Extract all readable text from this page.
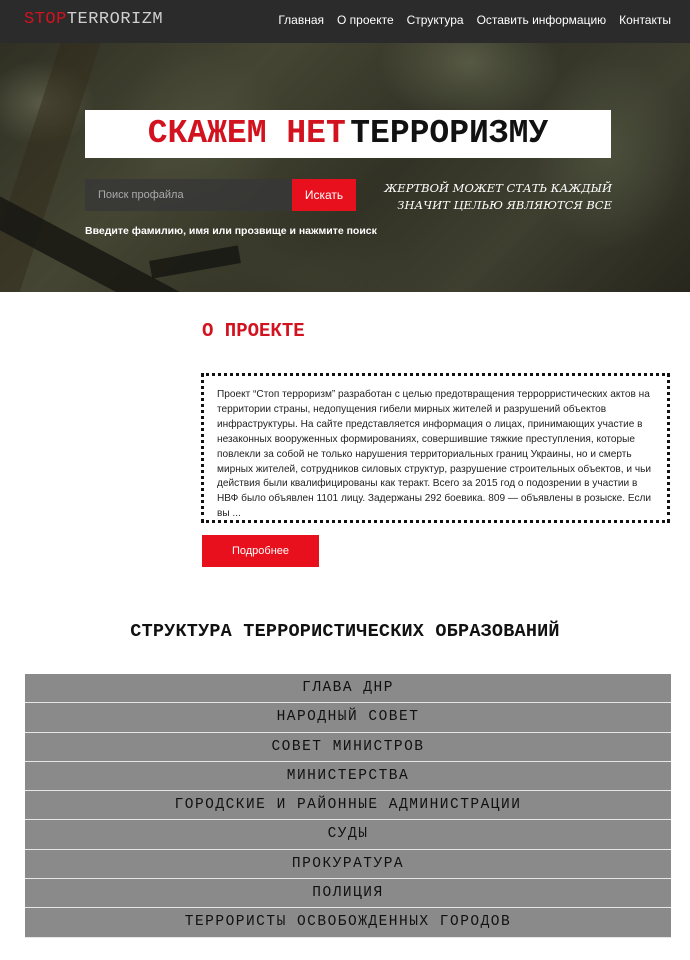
STOPTERRORIZM	Главная О проекте Структура Оставить информацию Контакты
СКАЖЕМ НЕТ ТЕРРОРИЗМУ
Поиск профайла
Искать
Введите фамилию, имя или прозвище и нажмите поиск
ЖЕРТВОЙ МОЖЕТ СТАТЬ КАЖДЫЙ
ЗНАЧИТ ЦЕЛЬЮ ЯВЛЯЮТСЯ ВСЕ
О ПРОЕКТЕ

Проект “Стоп терроризм” разработан с целью предотвращения террорристических актов на территории страны, недопущения гибели мирных жителей и разрушений объектов инфраструктуры. На сайте представляется информация о лицах, принимающих участие в незаконных вооруженных формированиях, совершившие тяжкие преступления, которые повлекли за собой не только нарушения территориальных границ Украины, но и смерть мирных жителей, сотрудников силовых структур, разрушение строительных объектов, и чьи действия были квалифицированы как теракт. Всего за 2015 год о подозрении в участии в НВФ было объявлен 1101 лицу. Задержаны 292 боевика. 809 — объявлены в розыске. Если вы ...

Подробнее
СТРУКТУРА ТЕРРОРИСТИЧЕСКИХ ОБРАЗОВАНИЙ
ГЛАВА ДНР
НАРОДНЫЙ СОВЕТ
СОВЕТ МИНИСТРОВ
МИНИСТЕРСТВА
ГОРОДСКИЕ И РАЙОННЫЕ АДМИНИСТРАЦИИ
СУДЫ
ПРОКУРАТУРА
ПОЛИЦИЯ
ТЕРРОРИСТЫ ОСВОБОЖДЕННЫХ ГОРОДОВ
